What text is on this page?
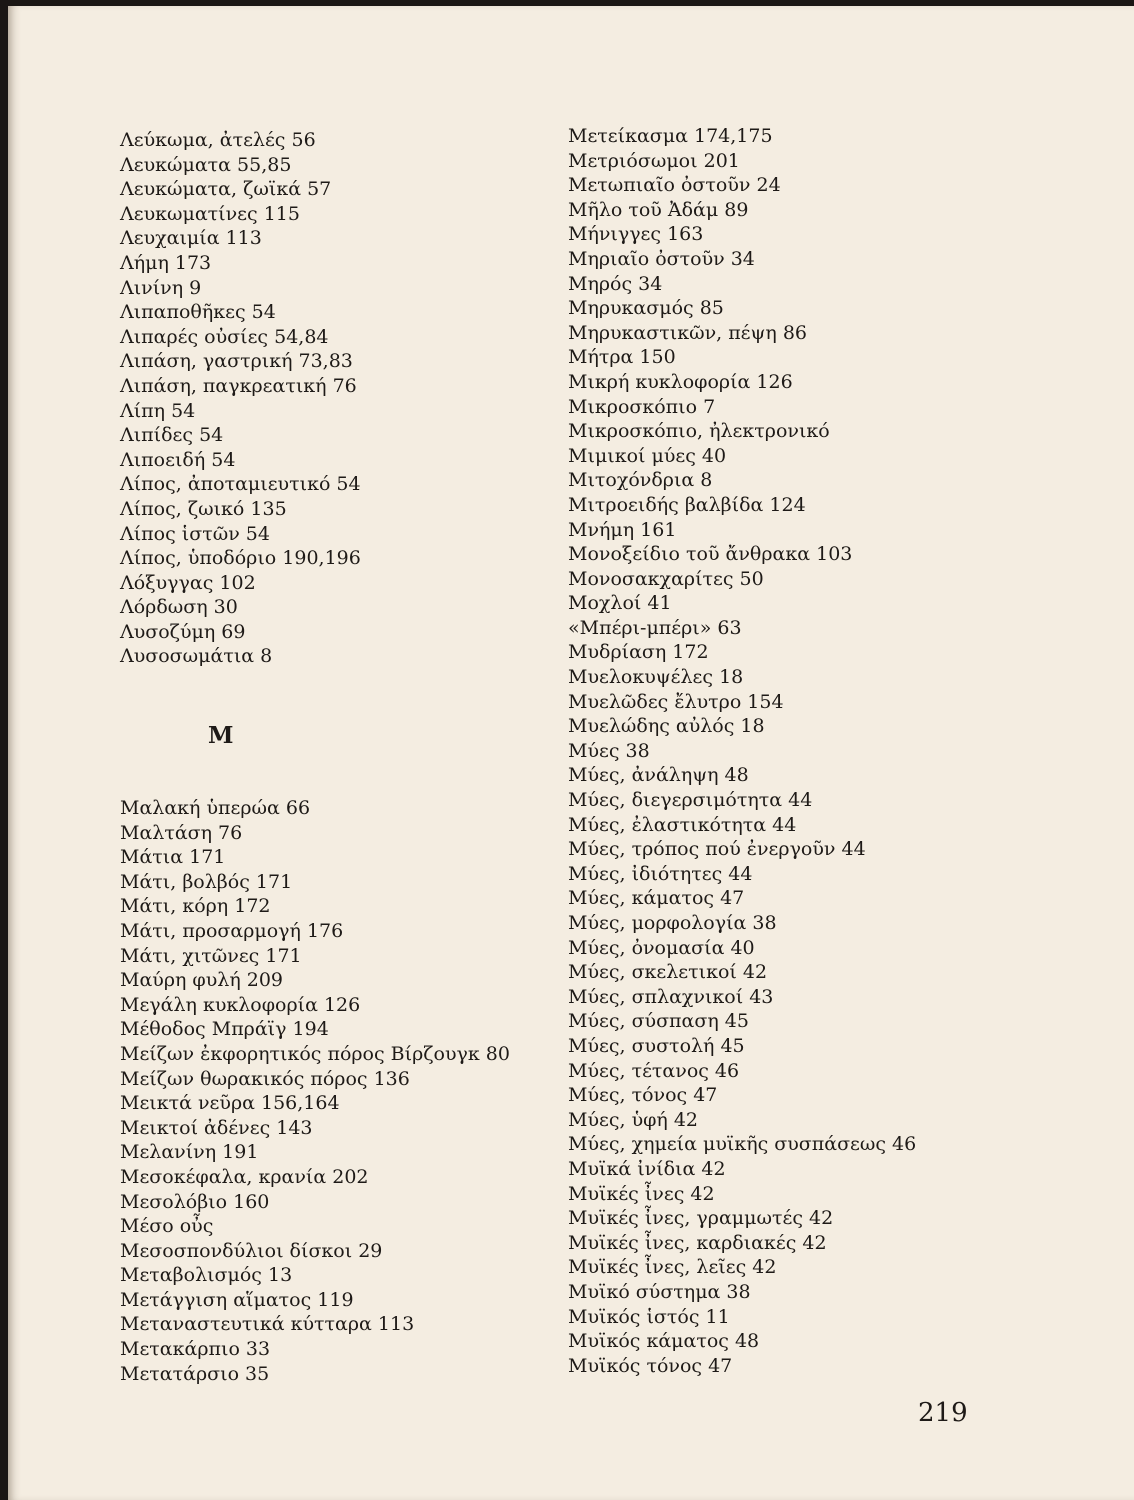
Λεύκωμα, ἀτελές 56
Λευκώματα 55,85
Λευκώματα, ζωϊκά 57
Λευκωματίνες 115
Λευχαιμία 113
Λήμη 173
Λινίνη 9
Λιπαποθῆκες 54
Λιπαρές οὐσίες 54,84
Λιπάση, γαστρική 73,83
Λιπάση, παγκρεατική 76
Λίπη 54
Λιπίδες 54
Λιποειδή 54
Λίπος, ἀποταμιευτικό 54
Λίπος, ζωικό 135
Λίπος ἱστῶν 54
Λίπος, ὑποδόριο 190,196
Λόξυγγας 102
Λόρδωση 30
Λυσοζύμη 69
Λυσοσωμάτια 8
Μ
Μαλακή ὑπερώα 66
Μαλτάση 76
Μάτια 171
Μάτι, βολβός 171
Μάτι, κόρη 172
Μάτι, προσαρμογή 176
Μάτι, χιτῶνες 171
Μαύρη φυλή 209
Μεγάλη κυκλοφορία 126
Μέθοδος Μπράϊγ 194
Μείζων ἐκφορητικός πόρος Βίρζουγκ 80
Μείζων θωρακικός πόρος 136
Μεικτά νεῦρα 156,164
Μεικτοί ἀδένες 143
Μελανίνη 191
Μεσοκέφαλα, κρανία 202
Μεσολόβιο 160
Μέσο οὖς
Μεσοσπονδύλιοι δίσκοι 29
Μεταβολισμός 13
Μετάγγιση αἵματος 119
Μεταναστευτικά κύτταρα 113
Μετακάρπιο 33
Μετατάρσιο 35
Μετείκασμα 174,175
Μετριόσωμοι 201
Μετωπιαῖο ὀστοῦν 24
Μῆλο τοῦ Ἀδάμ 89
Μήνιγγες 163
Μηριαῖο ὀστοῦν 34
Μηρός 34
Μηρυκασμός 85
Μηρυκαστικῶν, πέψη 86
Μήτρα 150
Μικρή κυκλοφορία 126
Μικροσκόπιο 7
Μικροσκόπιο, ἠλεκτρονικό
Μιμικοί μύες 40
Μιτοχόνδρια 8
Μιτροειδής βαλβίδα 124
Μνήμη 161
Μονοξείδιο τοῦ ἄνθρακα 103
Μονοσακχαρίτες 50
Μοχλοί 41
«Μπέρι-μπέρι» 63
Μυδρίαση 172
Μυελοκυψέλες 18
Μυελῶδες ἔλυτρο 154
Μυελώδης αὐλός 18
Μύες 38
Μύες, ἀνάληψη 48
Μύες, διεγερσιμότητα 44
Μύες, ἐλαστικότητα 44
Μύες, τρόπος πού ἐνεργοῦν 44
Μύες, ἰδιότητες 44
Μύες, κάματος 47
Μύες, μορφολογία 38
Μύες, ὀνομασία 40
Μύες, σκελετικοί 42
Μύες, σπλαχνικοί 43
Μύες, σύσπαση 45
Μύες, συστολή 45
Μύες, τέτανος 46
Μύες, τόνος 47
Μύες, ὑφή 42
Μύες, χημεία μυϊκῆς συσπάσεως 46
Μυϊκά ἰνίδια 42
Μυϊκές ἶνες 42
Μυϊκές ἶνες, γραμμωτές 42
Μυϊκές ἶνες, καρδιακές 42
Μυϊκές ἶνες, λεῖες 42
Μυϊκό σύστημα 38
Μυϊκός ἱστός 11
Μυϊκός κάματος 48
Μυϊκός τόνος 47
219
